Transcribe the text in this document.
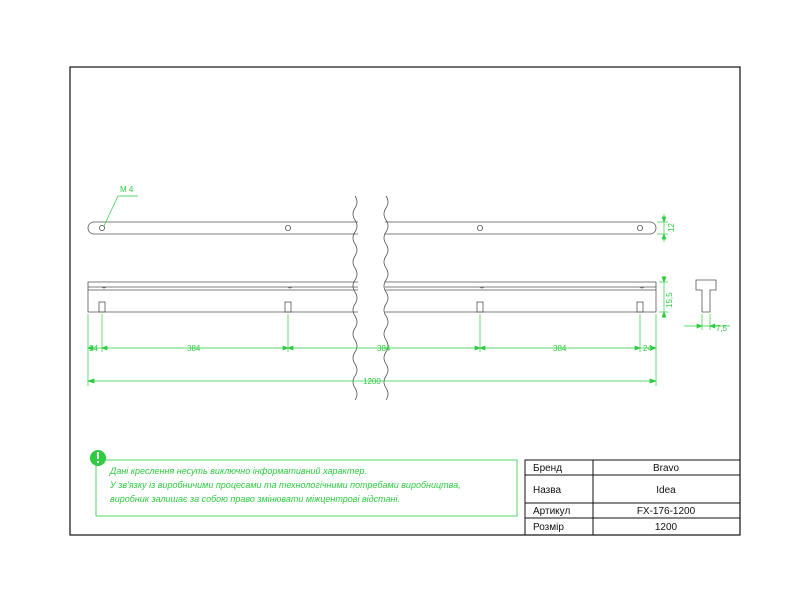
M 4
12
15,5
7,5
24	384	384	384	24
1200
Дані креслення несуть виключно інформативний характер.
У зв'язку із виробничими процесами та технологічними потребами виробництва,
виробник залишає за собою право змінювати міжцентрові відстані.
Бренд	Bravo
Назва	Idea
Артикул	FX-176-1200
Розмір	1200
